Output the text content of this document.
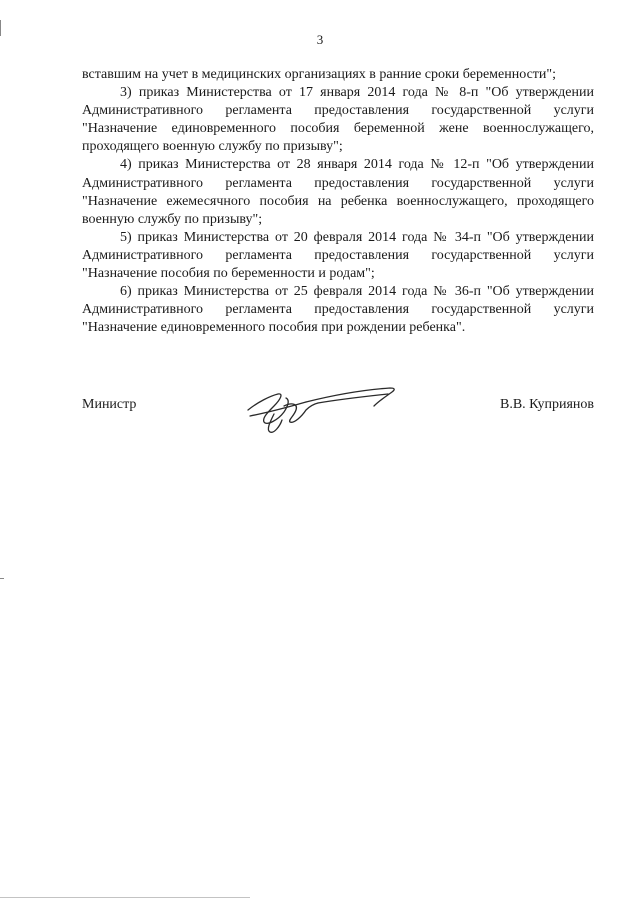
3

вставшим на учет в медицинских организациях в ранние сроки беременности";

3) приказ Министерства от 17 января 2014 года № 8-п "Об утверждении Административного регламента предоставления государственной услуги "Назначение единовременного пособия беременной жене военнослужащего, проходящего военную службу по призыву";

4) приказ Министерства от 28 января 2014 года № 12-п "Об утверждении Административного регламента предоставления государственной услуги "Назначение ежемесячного пособия на ребенка военнослужащего, проходящего военную службу по призыву";

5) приказ Министерства от 20 февраля 2014 года № 34-п "Об утверждении Административного регламента предоставления государственной услуги "Назначение пособия по беременности и родам";

6) приказ Министерства от 25 февраля 2014 года № 36-п "Об утверждении Административного регламента предоставления государственной услуги "Назначение единовременного пособия при рождении ребенка".

Министр	В.В. Куприянов
